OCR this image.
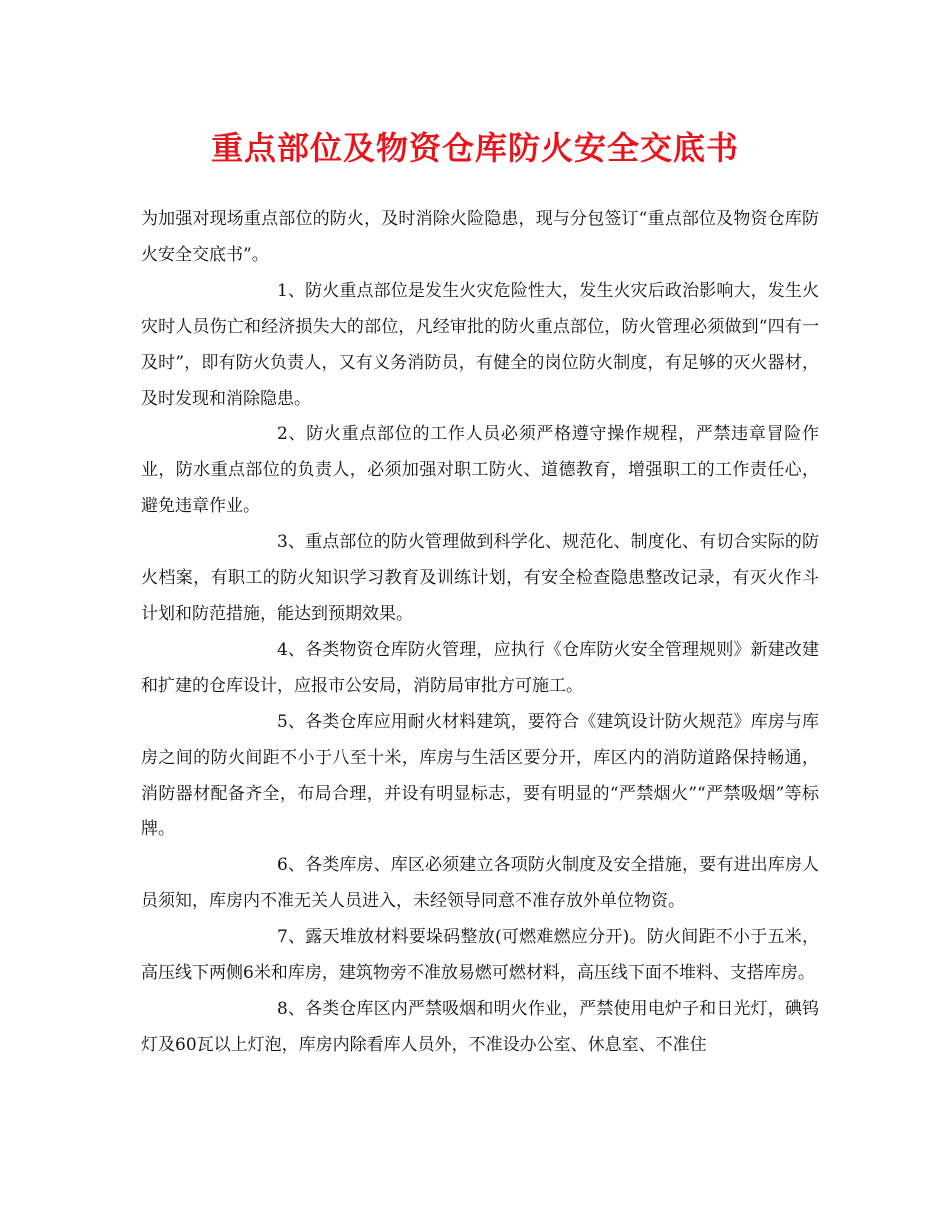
重点部位及物资仓库防火安全交底书

为加强对现场重点部位的防火，及时消除火险隐患，现与分包签订“重点部位及物资仓库防火安全交底书”。

1、防火重点部位是发生火灾危险性大，发生火灾后政治影响大，发生火灾时人员伤亡和经济损失大的部位，凡经审批的防火重点部位，防火管理必须做到“四有一及时”，即有防火负责人，又有义务消防员，有健全的岗位防火制度，有足够的灭火器材，及时发现和消除隐患。

2、防火重点部位的工作人员必须严格遵守操作规程，严禁违章冒险作业，防水重点部位的负责人，必须加强对职工防火、道德教育，增强职工的工作责任心，避免违章作业。

3、重点部位的防火管理做到科学化、规范化、制度化、有切合实际的防火档案，有职工的防火知识学习教育及训练计划，有安全检查隐患整改记录，有灭火作斗计划和防范措施，能达到预期效果。

4、各类物资仓库防火管理，应执行《仓库防火安全管理规则》新建改建和扩建的仓库设计，应报市公安局，消防局审批方可施工。

5、各类仓库应用耐火材料建筑，要符合《建筑设计防火规范》库房与库房之间的防火间距不小于八至十米，库房与生活区要分开，库区内的消防道路保持畅通，消防器材配备齐全，布局合理，并设有明显标志，要有明显的“严禁烟火”“严禁吸烟”等标牌。

6、各类库房、库区必须建立各项防火制度及安全措施，要有进出库房人员须知，库房内不准无关人员进入，未经领导同意不准存放外单位物资。

7、露天堆放材料要垛码整放(可燃难燃应分开)。防火间距不小于五米，高压线下两侧6米和库房，建筑物旁不准放易燃可燃材料，高压线下面不堆料、支搭库房。

8、各类仓库区内严禁吸烟和明火作业，严禁使用电炉子和日光灯，碘钨灯及60瓦以上灯泡，库房内除看库人员外，不准设办公室、休息室、不准住
